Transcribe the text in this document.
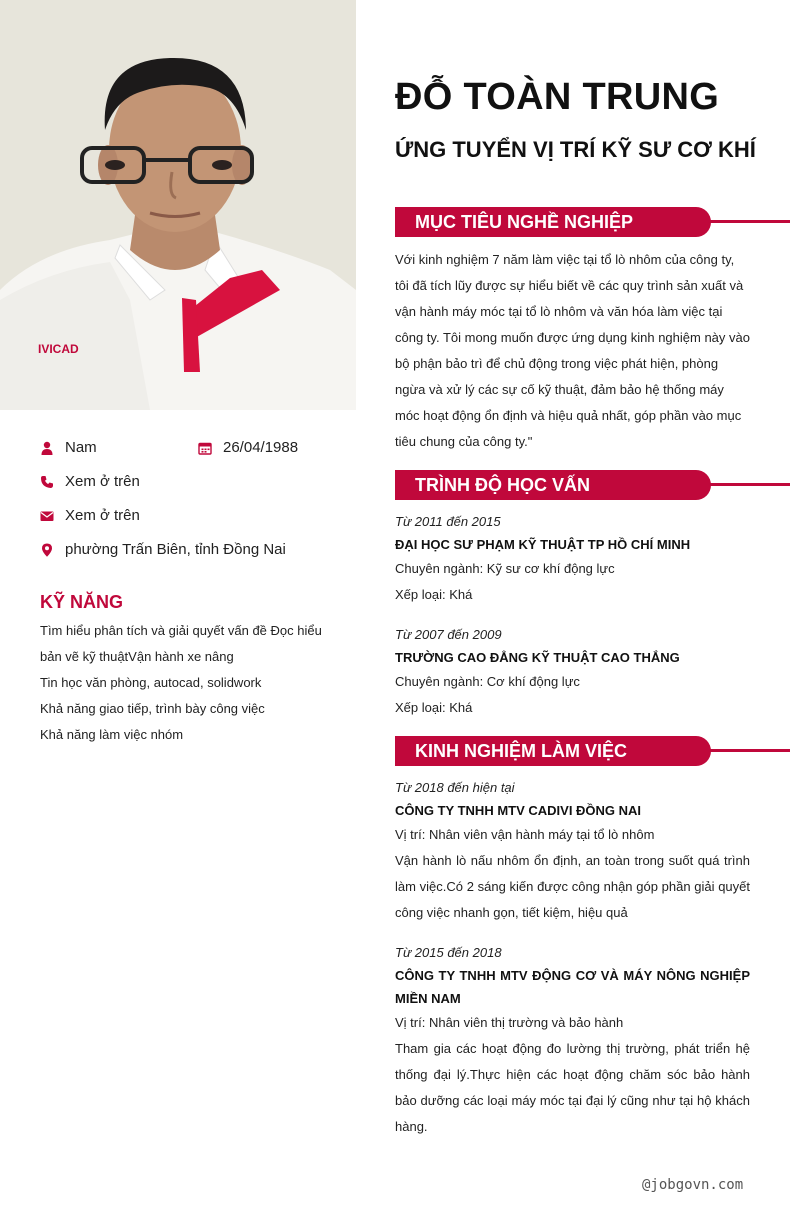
IVICAD
Nam	26/04/1988
Xem ở trên
Xem ở trên
phường Trấn Biên, tỉnh Đồng Nai
KỸ NĂNG
Tìm hiểu phân tích và giải quyết vấn đề Đọc hiểu bản vẽ kỹ thuậtVận hành xe nâng
Tin học văn phòng, autocad, solidwork
Khả năng giao tiếp, trình bày công việc
Khả năng làm việc nhóm
ĐỖ TOÀN TRUNG
ỨNG TUYỂN VỊ TRÍ KỸ SƯ CƠ KHÍ
MỤC TIÊU NGHỀ NGHIỆP
Với kinh nghiệm 7 năm làm việc tại tổ lò nhôm của công ty, tôi đã tích lũy được sự hiểu biết về các quy trình sản xuất và vận hành máy móc tại tổ lò nhôm và văn hóa làm việc tại công ty. Tôi mong muốn được ứng dụng kinh nghiệm này vào bộ phận bảo trì để chủ động trong việc phát hiện, phòng ngừa và xử lý các sự cố kỹ thuật, đảm bảo hệ thống máy móc hoạt động ổn định và hiệu quả nhất, góp phần vào mục tiêu chung của công ty."
TRÌNH ĐỘ HỌC VẤN
Từ 2011 đến 2015
ĐẠI HỌC SƯ PHẠM KỸ THUẬT TP HỒ CHÍ MINH
Chuyên ngành: Kỹ sư cơ khí động lực
Xếp loại: Khá
Từ 2007 đến 2009
TRƯỜNG CAO ĐẲNG KỸ THUẬT CAO THẮNG
Chuyên ngành: Cơ khí động lực
Xếp loại: Khá
KINH NGHIỆM LÀM VIỆC
Từ 2018 đến hiện tại
CÔNG TY TNHH MTV CADIVI ĐỒNG NAI
Vị trí: Nhân viên vận hành máy tại tổ lò nhôm
Vận hành lò nấu nhôm ổn định, an toàn trong suốt quá trình làm việc.Có 2 sáng kiến được công nhận góp phần giải quyết công việc nhanh gọn, tiết kiệm, hiệu quả
Từ 2015 đến 2018
CÔNG TY TNHH MTV ĐỘNG CƠ VÀ MÁY NÔNG NGHIỆP MIỀN NAM
Vị trí: Nhân viên thị trường và bảo hành
Tham gia các hoạt động đo lường thị trường, phát triển hệ thống đại lý.Thực hiện các hoạt động chăm sóc bảo hành bảo dưỡng các loại máy móc tại đại lý cũng như tại hộ khách hàng.
@jobgovn.com
